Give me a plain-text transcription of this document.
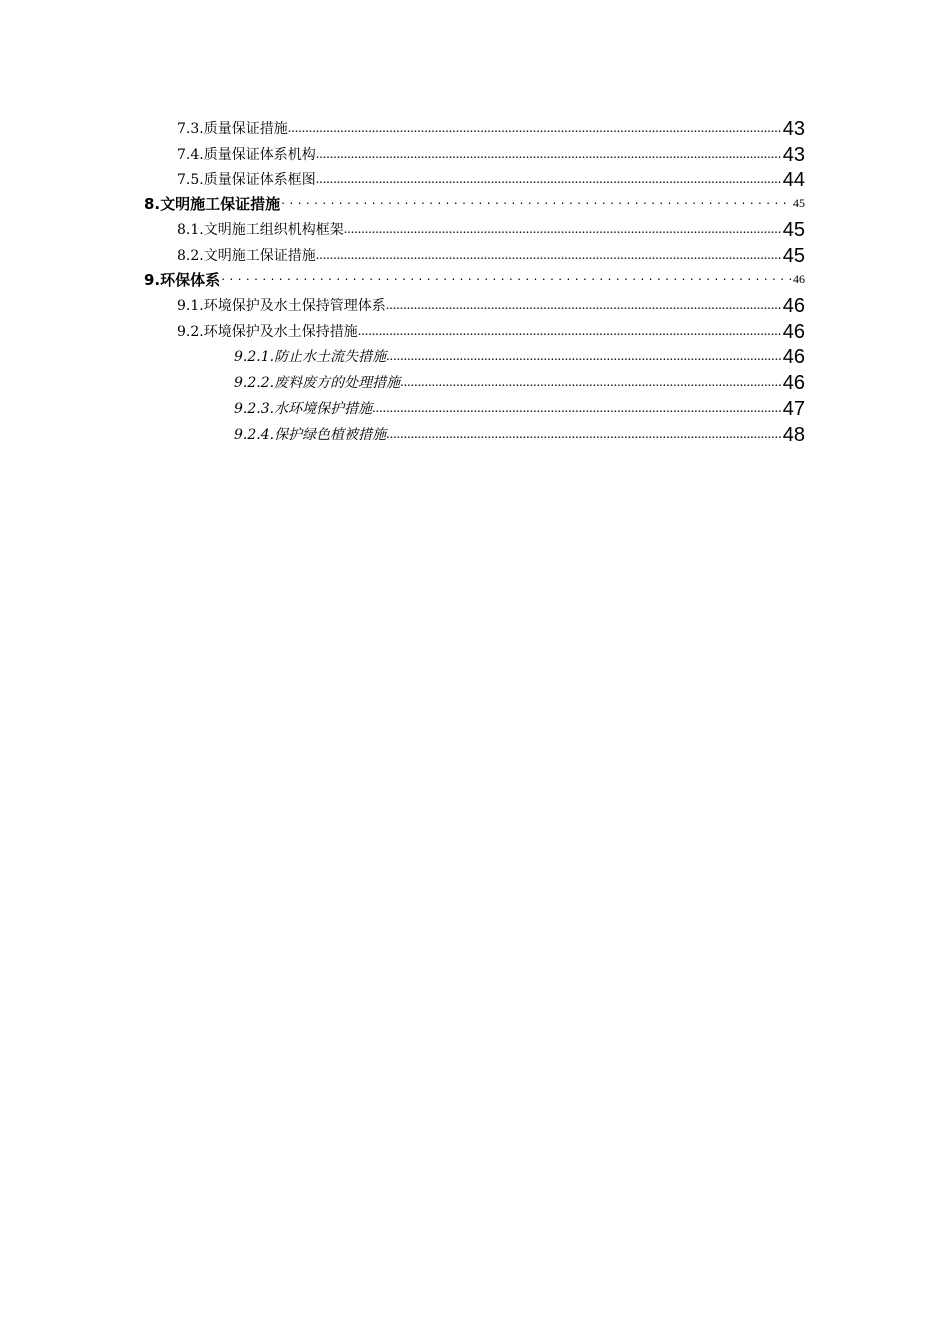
7.3.质量保证措施 .....	43
7.4.质量保证体系机构 .....	43
7.5.质量保证体系框图 .....	44
8.文明施工保证措施 .....	45
8.1.文明施工组织机构框架 .....	45
8.2.文明施工保证措施 .....	45
9.环保体系 .....	46
9.1.环境保护及水土保持管理体系 .....	46
9.2.环境保护及水土保持措施 .....	46
9.2.1.防止水土流失措施 .....	46
9.2.2.废料废方的处理措施 .....	46
9.2.3.水环境保护措施 .....	47
9.2.4.保护绿色植被措施 .....	48
